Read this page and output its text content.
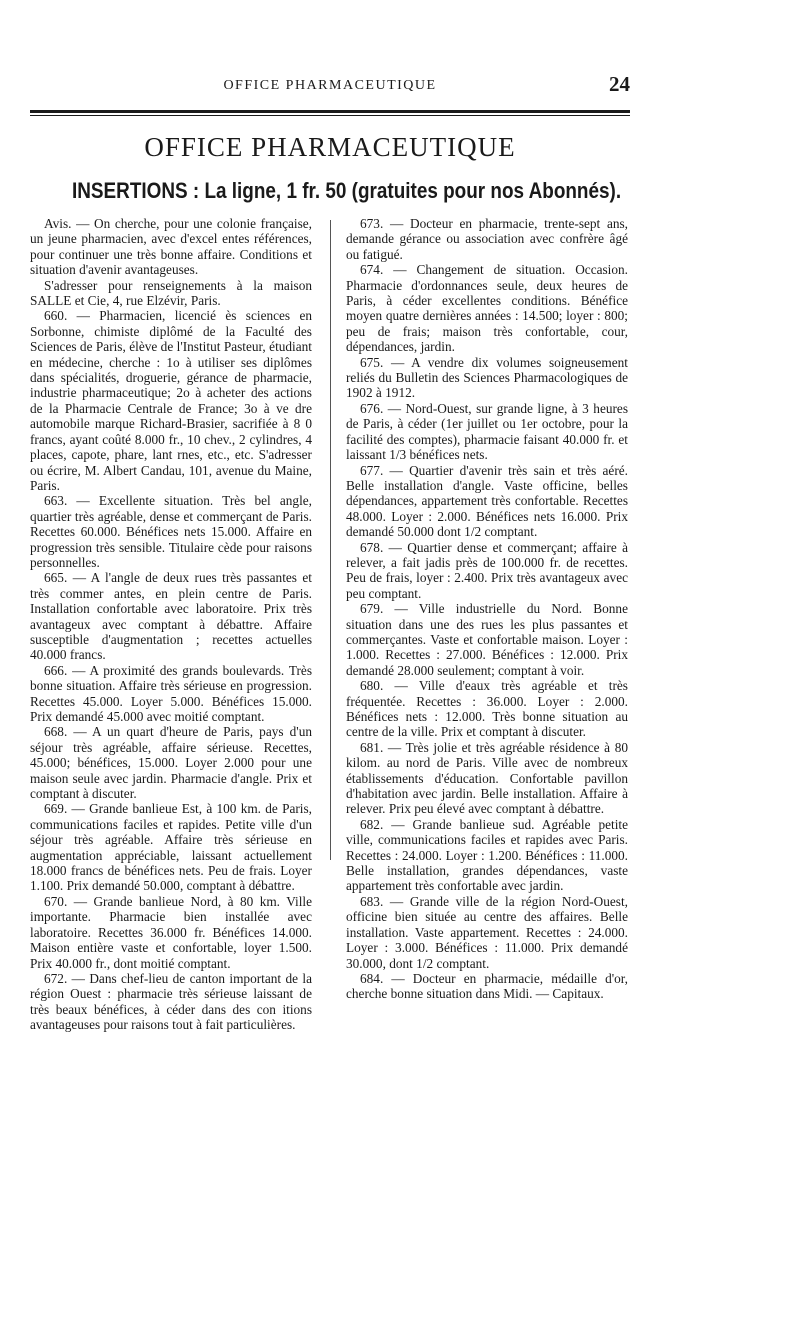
OFFICE PHARMACEUTIQUE	24
OFFICE PHARMACEUTIQUE
INSERTIONS : La ligne, 1 fr. 50 (gratuites pour nos Abonnés).

Avis. — On cherche, pour une colonie française, un jeune pharmacien, avec d'excel entes références, pour continuer une très bonne affaire. Conditions et situation d'avenir avantageuses.

S'adresser pour renseignements à la maison SALLE et Cie, 4, rue Elzévir, Paris.

660. — Pharmacien, licencié ès sciences en Sorbonne, chimiste diplômé de la Faculté des Sciences de Paris, élève de l'Institut Pasteur, étudiant en médecine, cherche : 1o à utiliser ses diplômes dans spécialités, droguerie, gérance de pharmacie, industrie pharmaceutique; 2o à acheter des actions de la Pharmacie Centrale de France; 3o à ve dre automobile marque Richard-Brasier, sacrifiée à 8 0 francs, ayant coûté 8.000 fr., 10 chev., 2 cylindres, 4 places, capote, phare, lant rnes, etc., etc. S'adresser ou écrire, M. Albert Candau, 101, avenue du Maine, Paris.

663. — Excellente situation. Très bel angle, quartier très agréable, dense et commerçant de Paris. Recettes 60.000. Bénéfices nets 15.000. Affaire en progression très sensible. Titulaire cède pour raisons personnelles.

665. — A l'angle de deux rues très passantes et très commer antes, en plein centre de Paris. Installation confortable avec laboratoire. Prix très avantageux avec comptant à débattre. Affaire susceptible d'augmentation ; recettes actuelles 40.000 francs.

666. — A proximité des grands boulevards. Très bonne situation. Affaire très sérieuse en progression. Recettes 45.000. Loyer 5.000. Bénéfices 15.000. Prix demandé 45.000 avec moitié comptant.

668. — A un quart d'heure de Paris, pays d'un séjour très agréable, affaire sérieuse. Recettes, 45.000; bénéfices, 15.000. Loyer 2.000 pour une maison seule avec jardin. Pharmacie d'angle. Prix et comptant à discuter.

669. — Grande banlieue Est, à 100 km. de Paris, communications faciles et rapides. Petite ville d'un séjour très agréable. Affaire très sérieuse en augmentation appréciable, laissant actuellement 18.000 francs de bénéfices nets. Peu de frais. Loyer 1.100. Prix demandé 50.000, comptant à débattre.

670. — Grande banlieue Nord, à 80 km. Ville importante. Pharmacie bien installée avec laboratoire. Recettes 36.000 fr. Bénéfices 14.000. Maison entière vaste et confortable, loyer 1.500. Prix 40.000 fr., dont moitié comptant.

672. — Dans chef-lieu de canton important de la région Ouest : pharmacie très sérieuse laissant de très beaux bénéfices, à céder dans des con itions avantageuses pour raisons tout à fait particulières.

673. — Docteur en pharmacie, trente-sept ans, demande gérance ou association avec confrère âgé ou fatigué.

674. — Changement de situation. Occasion. Pharmacie d'ordonnances seule, deux heures de Paris, à céder excellentes conditions. Bénéfice moyen quatre dernières années : 14.500; loyer : 800; peu de frais; maison très confortable, cour, dépendances, jardin.

675. — A vendre dix volumes soigneusement reliés du Bulletin des Sciences Pharmacologiques de 1902 à 1912.

676. — Nord-Ouest, sur grande ligne, à 3 heures de Paris, à céder (1er juillet ou 1er octobre, pour la facilité des comptes), pharmacie faisant 40.000 fr. et laissant 1/3 bénéfices nets.

677. — Quartier d'avenir très sain et très aéré. Belle installation d'angle. Vaste officine, belles dépendances, appartement très confortable. Recettes 48.000. Loyer : 2.000. Bénéfices nets 16.000. Prix demandé 50.000 dont 1/2 comptant.

678. — Quartier dense et commerçant; affaire à relever, a fait jadis près de 100.000 fr. de recettes. Peu de frais, loyer : 2.400. Prix très avantageux avec peu comptant.

679. — Ville industrielle du Nord. Bonne situation dans une des rues les plus passantes et commerçantes. Vaste et confortable maison. Loyer : 1.000. Recettes : 27.000. Bénéfices : 12.000. Prix demandé 28.000 seulement; comptant à voir.

680. — Ville d'eaux très agréable et très fréquentée. Recettes : 36.000. Loyer : 2.000. Bénéfices nets : 12.000. Très bonne situation au centre de la ville. Prix et comptant à discuter.

681. — Très jolie et très agréable résidence à 80 kilom. au nord de Paris. Ville avec de nombreux établissements d'éducation. Confortable pavillon d'habitation avec jardin. Belle installation. Affaire à relever. Prix peu élevé avec comptant à débattre.

682. — Grande banlieue sud. Agréable petite ville, communications faciles et rapides avec Paris. Recettes : 24.000. Loyer : 1.200. Bénéfices : 11.000. Belle installation, grandes dépendances, vaste appartement très confortable avec jardin.

683. — Grande ville de la région Nord-Ouest, officine bien située au centre des affaires. Belle installation. Vaste appartement. Recettes : 24.000. Loyer : 3.000. Bénéfices : 11.000. Prix demandé 30.000, dont 1/2 comptant.

684. — Docteur en pharmacie, médaille d'or, cherche bonne situation dans Midi. — Capitaux.
